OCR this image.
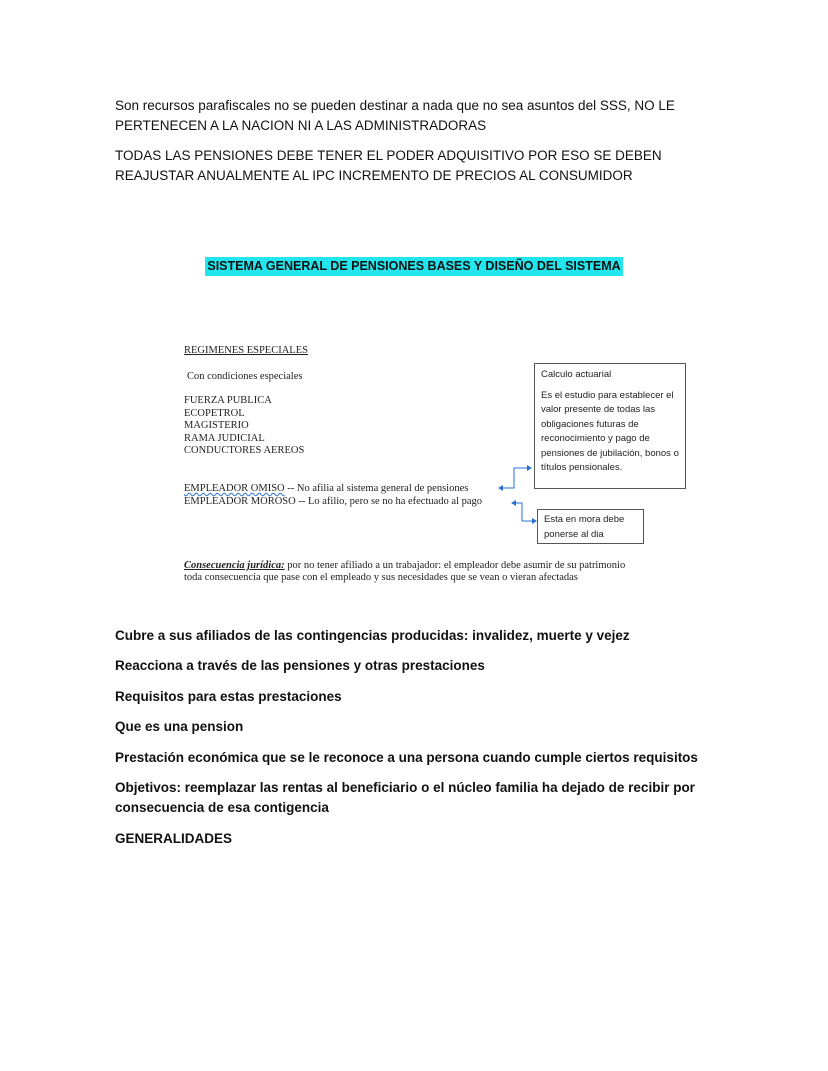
Son recursos parafiscales no se pueden destinar a nada que no sea asuntos del SSS, NO LE PERTENECEN A LA NACION NI A LAS ADMINISTRADORAS

TODAS LAS PENSIONES DEBE TENER EL PODER ADQUISITIVO POR ESO SE DEBEN REAJUSTAR ANUALMENTE AL IPC INCREMENTO DE PRECIOS AL CONSUMIDOR

SISTEMA GENERAL DE PENSIONES BASES Y DISEÑO DEL SISTEMA
REGIMENES ESPECIALES
Con condiciones especiales
FUERZA PUBLICA
ECOPETROL
MAGISTERIO
RAMA JUDICIAL
CONDUCTORES AEREOS
EMPLEADOR OMISO -- No afilia al sistema general de pensiones
EMPLEADOR MOROSO -- Lo afilio, pero se no ha efectuado al pago
Calculo actuarial
Es el estudio para establecer el valor presente de todas las obligaciones futuras de reconocimiento y pago de pensiones de jubilación, bonos o títulos pensionales.
Esta en mora debe ponerse al dia
Consecuencia jurídica: por no tener afiliado a un trabajador: el empleador debe asumir de su patrimonio toda consecuencia que pase con el empleado y sus necesidades que se vean o vieran afectadas

Cubre a sus afiliados de las contingencias producidas: invalidez, muerte y vejez

Reacciona a través de las pensiones y otras prestaciones

Requisitos para estas prestaciones

Que es una pension

Prestación económica que se le reconoce a una persona cuando cumple ciertos requisitos

Objetivos: reemplazar las rentas al beneficiario o el núcleo familia ha dejado de recibir por consecuencia de esa contigencia

GENERALIDADES
